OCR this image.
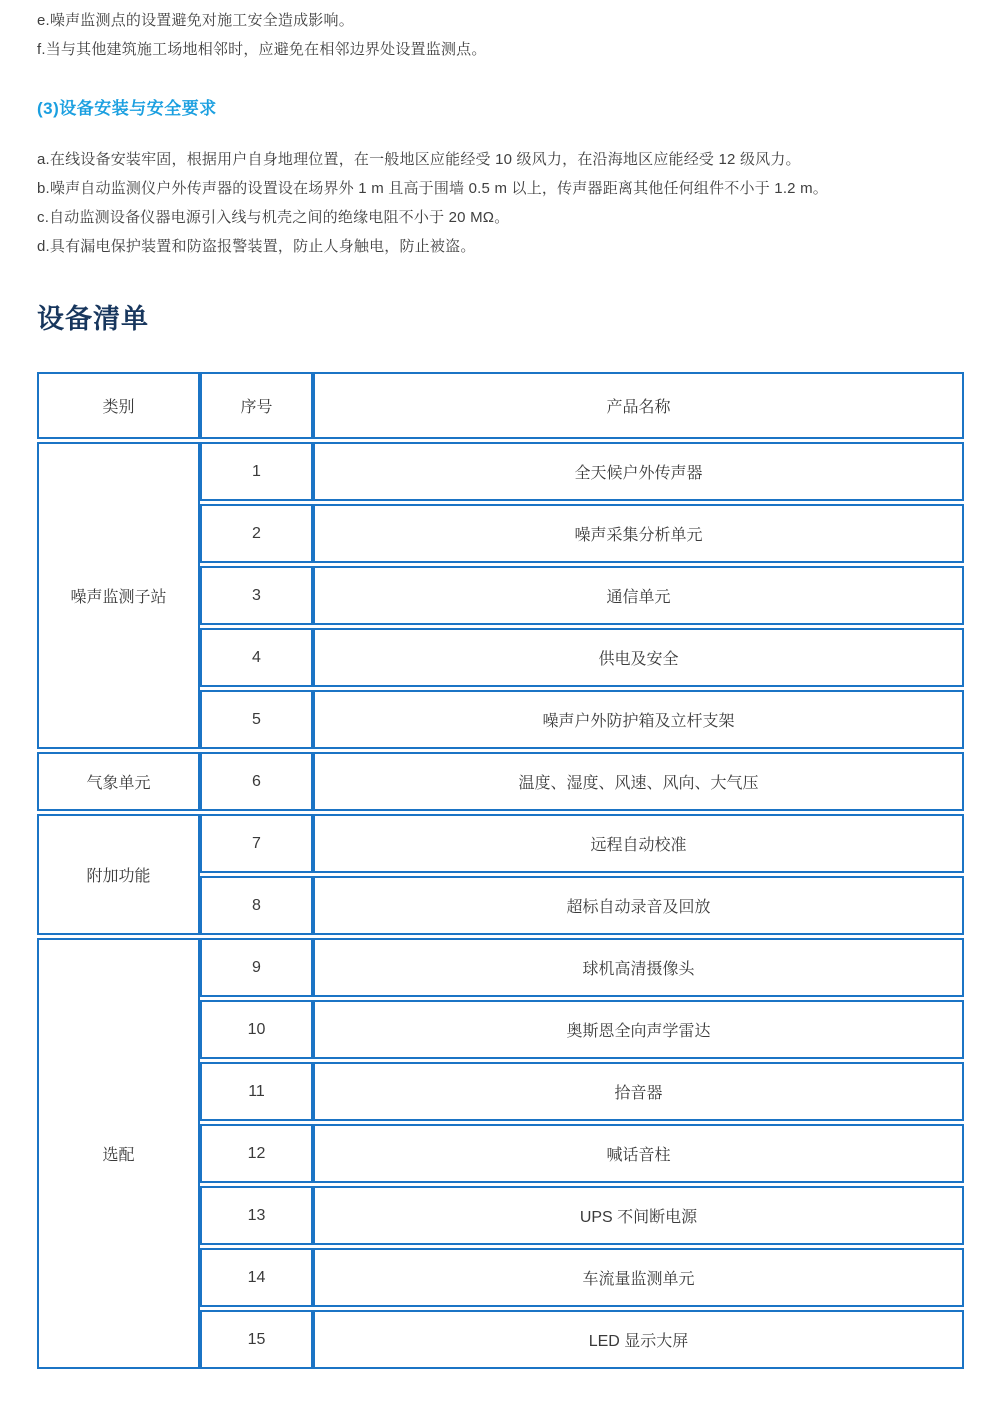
e.噪声监测点的设置避免对施工安全造成影响。

f.当与其他建筑施工场地相邻时，应避免在相邻边界处设置监测点。

(3)设备安装与安全要求

a.在线设备安装牢固，根据用户自身地理位置，在一般地区应能经受 10 级风力，在沿海地区应能经受 12 级风力。

b.噪声自动监测仪户外传声器的设置设在场界外 1 m 且高于围墙 0.5 m 以上，传声器距离其他任何组件不小于 1.2 m。

c.自动监测设备仪器电源引入线与机壳之间的绝缘电阻不小于 20 MΩ。

d.具有漏电保护装置和防盗报警装置，防止人身触电，防止被盗。

设备清单
类别	序号	产品名称
噪声监测子站	1	全天候户外传声器
	2	噪声采集分析单元
	3	通信单元
	4	供电及安全
	5	噪声户外防护箱及立杆支架
气象单元	6	温度、湿度、风速、风向、大气压
附加功能	7	远程自动校准
	8	超标自动录音及回放
选配	9	球机高清摄像头
	10	奥斯恩全向声学雷达
	11	拾音器
	12	喊话音柱
	13	UPS 不间断电源
	14	车流量监测单元
	15	LED 显示大屏
